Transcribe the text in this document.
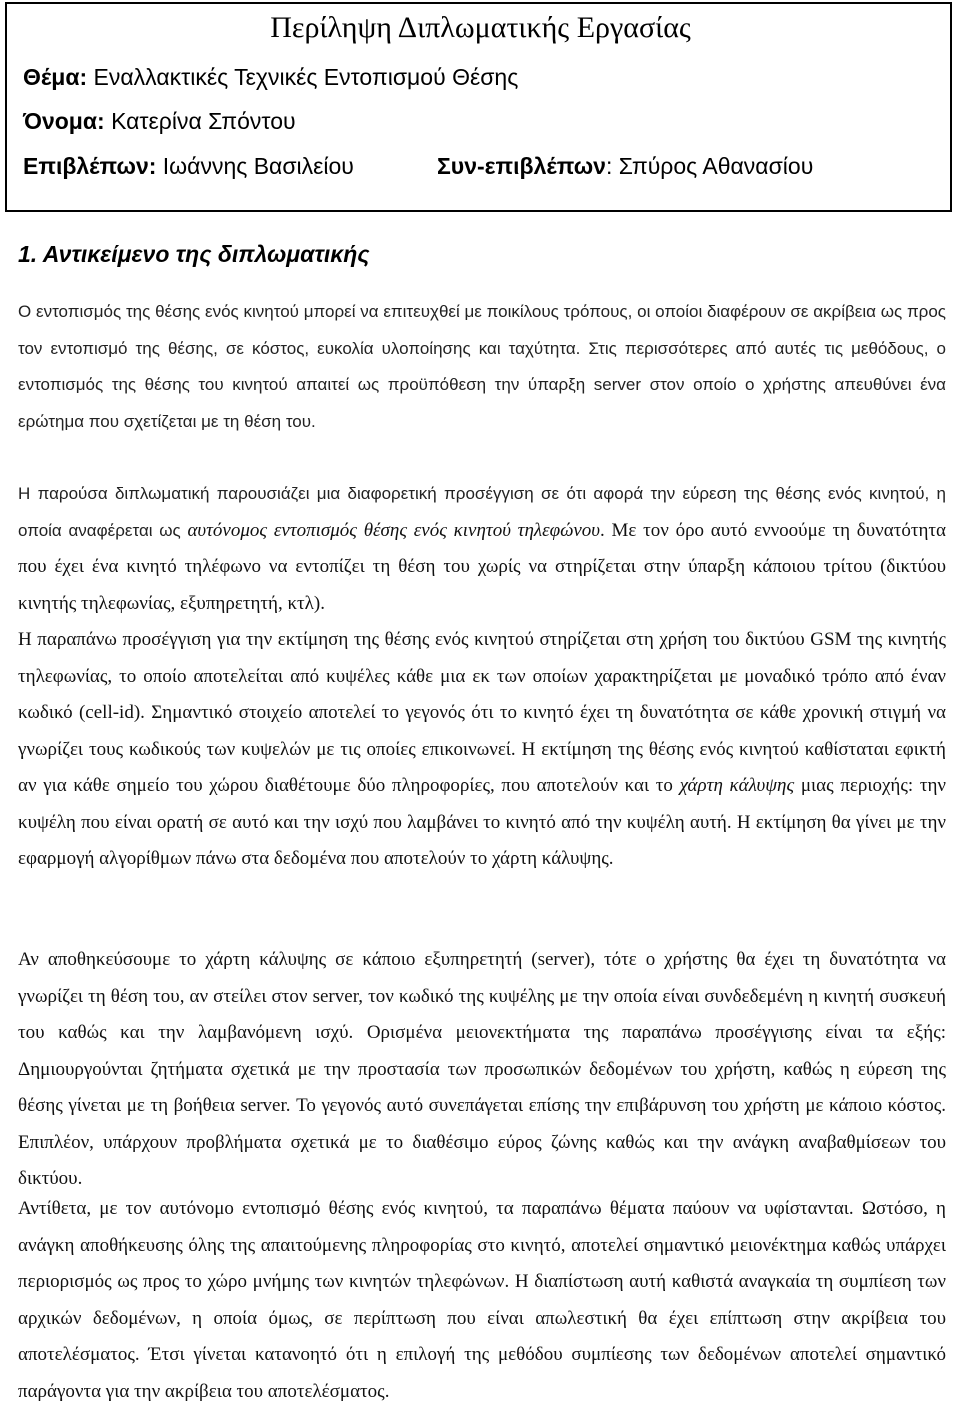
Περίληψη Διπλωματικής Εργασίας
Θέμα: Εναλλακτικές Τεχνικές Εντοπισμού Θέσης
Όνομα: Κατερίνα Σπόντου
Επιβλέπων: Ιωάννης Βασιλείου	Συν-επιβλέπων: Σπύρος Αθανασίου
1. Αντικείμενο της διπλωματικής

Ο εντοπισμός της θέσης ενός κινητού μπορεί να επιτευχθεί με ποικίλους τρόπους, οι οποίοι διαφέρουν σε ακρίβεια ως προς τον εντοπισμό της θέσης, σε κόστος, ευκολία υλοποίησης και ταχύτητα. Στις περισσότερες από αυτές τις μεθόδους, ο εντοπισμός της θέσης του κινητού απαιτεί ως προϋπόθεση την ύπαρξη server στον οποίο ο χρήστης απευθύνει ένα ερώτημα που σχετίζεται με τη θέση του.

Η παρούσα διπλωματική παρουσιάζει μια διαφορετική προσέγγιση σε ότι αφορά την εύρεση της θέσης ενός κινητού, η οποία αναφέρεται ως αυτόνομος εντοπισμός θέσης ενός κινητού τηλεφώνου. Με τον όρο αυτό εννοούμε τη δυνατότητα που έχει ένα κινητό τηλέφωνο να εντοπίζει τη θέση του χωρίς να στηρίζεται στην ύπαρξη κάποιου τρίτου (δικτύου κινητής τηλεφωνίας, εξυπηρετητή, κτλ).

Η παραπάνω προσέγγιση για την εκτίμηση της θέσης ενός κινητού στηρίζεται στη χρήση του δικτύου GSM της κινητής τηλεφωνίας, το οποίο αποτελείται από κυψέλες κάθε μια εκ των οποίων χαρακτηρίζεται με μοναδικό τρόπο από έναν κωδικό (cell-id). Σημαντικό στοιχείο αποτελεί το γεγονός ότι το κινητό έχει τη δυνατότητα σε κάθε χρονική στιγμή να γνωρίζει τους κωδικούς των κυψελών με τις οποίες επικοινωνεί. Η εκτίμηση της θέσης ενός κινητού καθίσταται εφικτή αν για κάθε σημείο του χώρου διαθέτουμε δύο πληροφορίες, που αποτελούν και το χάρτη κάλυψης μιας περιοχής: την κυψέλη που είναι ορατή σε αυτό και την ισχύ που λαμβάνει το κινητό από την κυψέλη αυτή. Η εκτίμηση θα γίνει με την εφαρμογή αλγορίθμων πάνω στα δεδομένα που αποτελούν το χάρτη κάλυψης.

Αν αποθηκεύσουμε το χάρτη κάλυψης σε κάποιο εξυπηρετητή (server), τότε ο χρήστης θα έχει τη δυνατότητα να γνωρίζει τη θέση του, αν στείλει στον server, τον κωδικό της κυψέλης με την οποία είναι συνδεδεμένη η κινητή συσκευή του καθώς και την λαμβανόμενη ισχύ. Ορισμένα μειονεκτήματα της παραπάνω προσέγγισης είναι τα εξής: Δημιουργούνται ζητήματα σχετικά με την προστασία των προσωπικών δεδομένων του χρήστη, καθώς η εύρεση της θέσης γίνεται με τη βοήθεια server. Το γεγονός αυτό συνεπάγεται επίσης την επιβάρυνση του χρήστη με κάποιο κόστος. Επιπλέον, υπάρχουν προβλήματα σχετικά με το διαθέσιμο εύρος ζώνης καθώς και την ανάγκη αναβαθμίσεων του δικτύου.

Αντίθετα, με τον αυτόνομο εντοπισμό θέσης ενός κινητού, τα παραπάνω θέματα παύουν να υφίστανται. Ωστόσο, η ανάγκη αποθήκευσης όλης της απαιτούμενης πληροφορίας στο κινητό, αποτελεί σημαντικό μειονέκτημα καθώς υπάρχει περιορισμός ως προς το χώρο μνήμης των κινητών τηλεφώνων. Η διαπίστωση αυτή καθιστά αναγκαία τη συμπίεση των αρχικών δεδομένων, η οποία όμως, σε περίπτωση που είναι απωλεστική θα έχει επίπτωση στην ακρίβεια του αποτελέσματος. Έτσι γίνεται κατανοητό ότι η επιλογή της μεθόδου συμπίεσης των δεδομένων αποτελεί σημαντικό παράγοντα για την ακρίβεια του αποτελέσματος.
